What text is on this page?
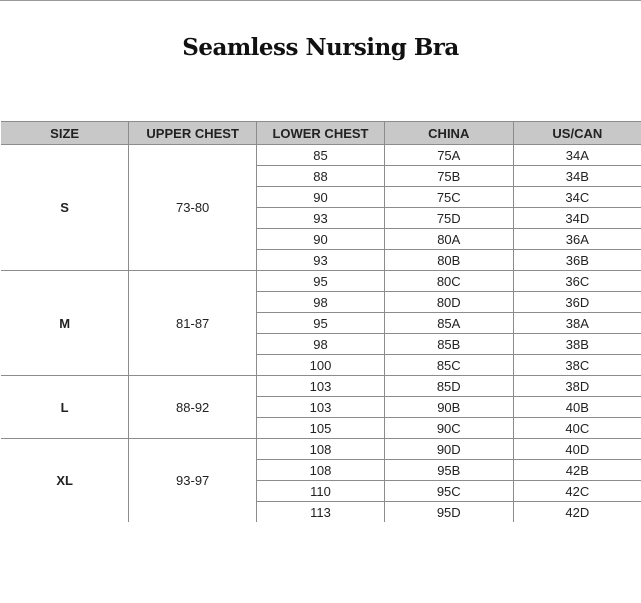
Seamless Nursing Bra
SIZE	UPPER CHEST	LOWER CHEST	CHINA	US/CAN
S	73-80	85	75A	34A
		88	75B	34B
		90	75C	34C
		93	75D	34D
		90	80A	36A
		93	80B	36B
M	81-87	95	80C	36C
		98	80D	36D
		95	85A	38A
		98	85B	38B
		100	85C	38C
L	88-92	103	85D	38D
		103	90B	40B
		105	90C	40C
XL	93-97	108	90D	40D
		108	95B	42B
		110	95C	42C
		113	95D	42D
